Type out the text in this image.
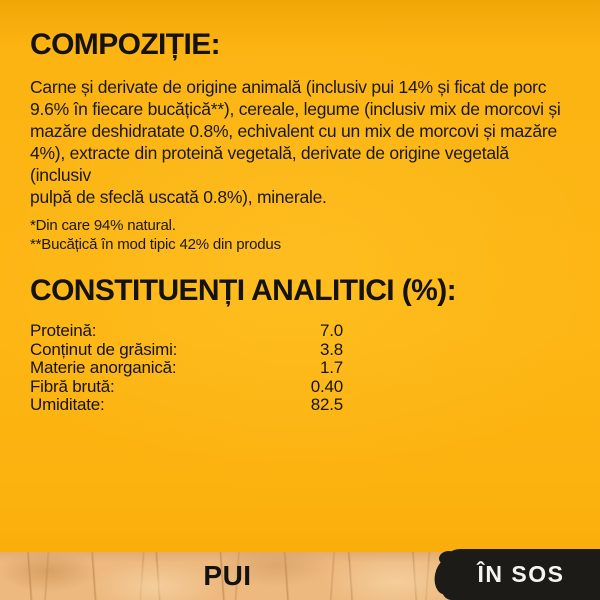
COMPOZIȚIE:
Carne și derivate de origine animală (inclusiv pui 14% și ficat de porc
9.6% în fiecare bucățică**), cereale, legume (inclusiv mix de morcovi și
mazăre deshidratate 0.8%, echivalent cu un mix de morcovi și mazăre
4%), extracte din proteină vegetală, derivate de origine vegetală (inclusiv
pulpă de sfeclă uscată 0.8%), minerale.
*Din care 94% natural.
**Bucățică în mod tipic 42% din produs
CONSTITUENȚI ANALITICI (%):
Proteină:	7.0
Conținut de grăsimi:	3.8
Materie anorganică:	1.7
Fibră brută:	0.40
Umiditate:	82.5
PUI	ÎN SOS
